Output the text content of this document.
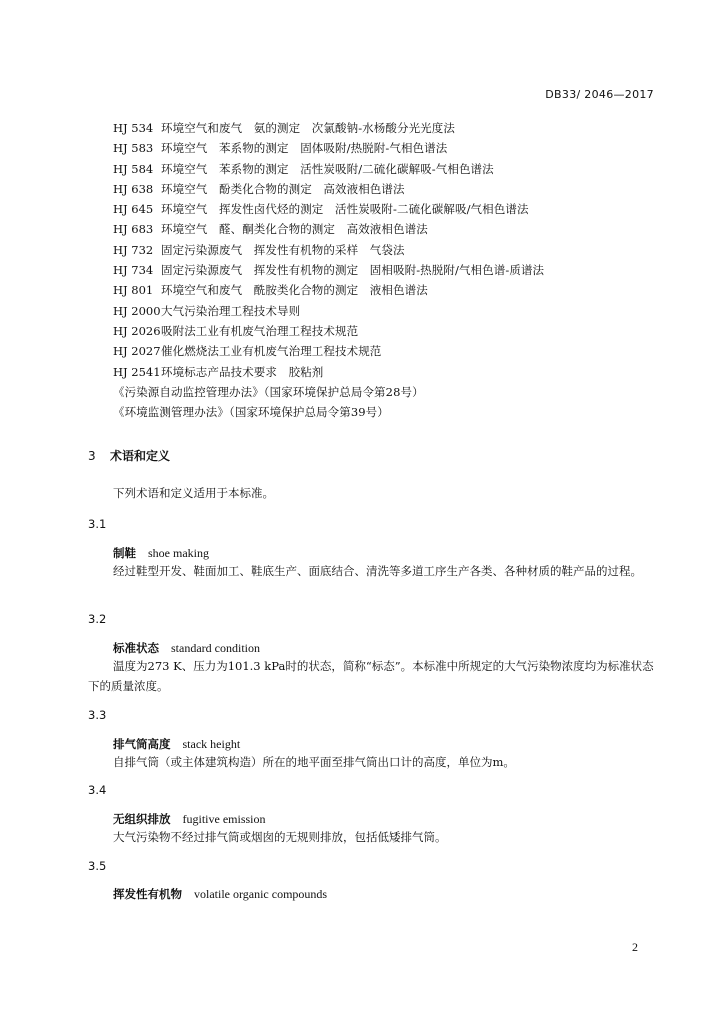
DB33/ 2046—2017
HJ 534 环境空气和废气　氨的测定　次氯酸钠-水杨酸分光光度法
HJ 583 环境空气　苯系物的测定　固体吸附/热脱附-气相色谱法
HJ 584 环境空气　苯系物的测定　活性炭吸附/二硫化碳解吸-气相色谱法
HJ 638 环境空气　酚类化合物的测定　高效液相色谱法
HJ 645 环境空气　挥发性卤代烃的测定　活性炭吸附-二硫化碳解吸/气相色谱法
HJ 683 环境空气　醛、酮类化合物的测定　高效液相色谱法
HJ 732 固定污染源废气　挥发性有机物的采样　气袋法
HJ 734 固定污染源废气　挥发性有机物的测定　固相吸附-热脱附/气相色谱-质谱法
HJ 801 环境空气和废气　酰胺类化合物的测定　液相色谱法
HJ 2000大气污染治理工程技术导则
HJ 2026吸附法工业有机废气治理工程技术规范
HJ 2027催化燃烧法工业有机废气治理工程技术规范
HJ 2541环境标志产品技术要求　胶粘剂
《污染源自动监控管理办法》（国家环境保护总局令第28号）
《环境监测管理办法》（国家环境保护总局令第39号）
3 术语和定义
下列术语和定义适用于本标准。
3.1
制鞋 shoe making
经过鞋型开发、鞋面加工、鞋底生产、面底结合、清洗等多道工序生产各类、各种材质的鞋产品的过程。
3.2
标准状态 standard condition
温度为273 K、压力为101.3 kPa时的状态，简称“标态”。本标准中所规定的大气污染物浓度均为标准状态下的质量浓度。
3.3
排气筒高度 stack height
自排气筒（或主体建筑构造）所在的地平面至排气筒出口计的高度，单位为m。
3.4
无组织排放 fugitive emission
大气污染物不经过排气筒或烟囱的无规则排放，包括低矮排气筒。
3.5
挥发性有机物 volatile organic compounds
2
